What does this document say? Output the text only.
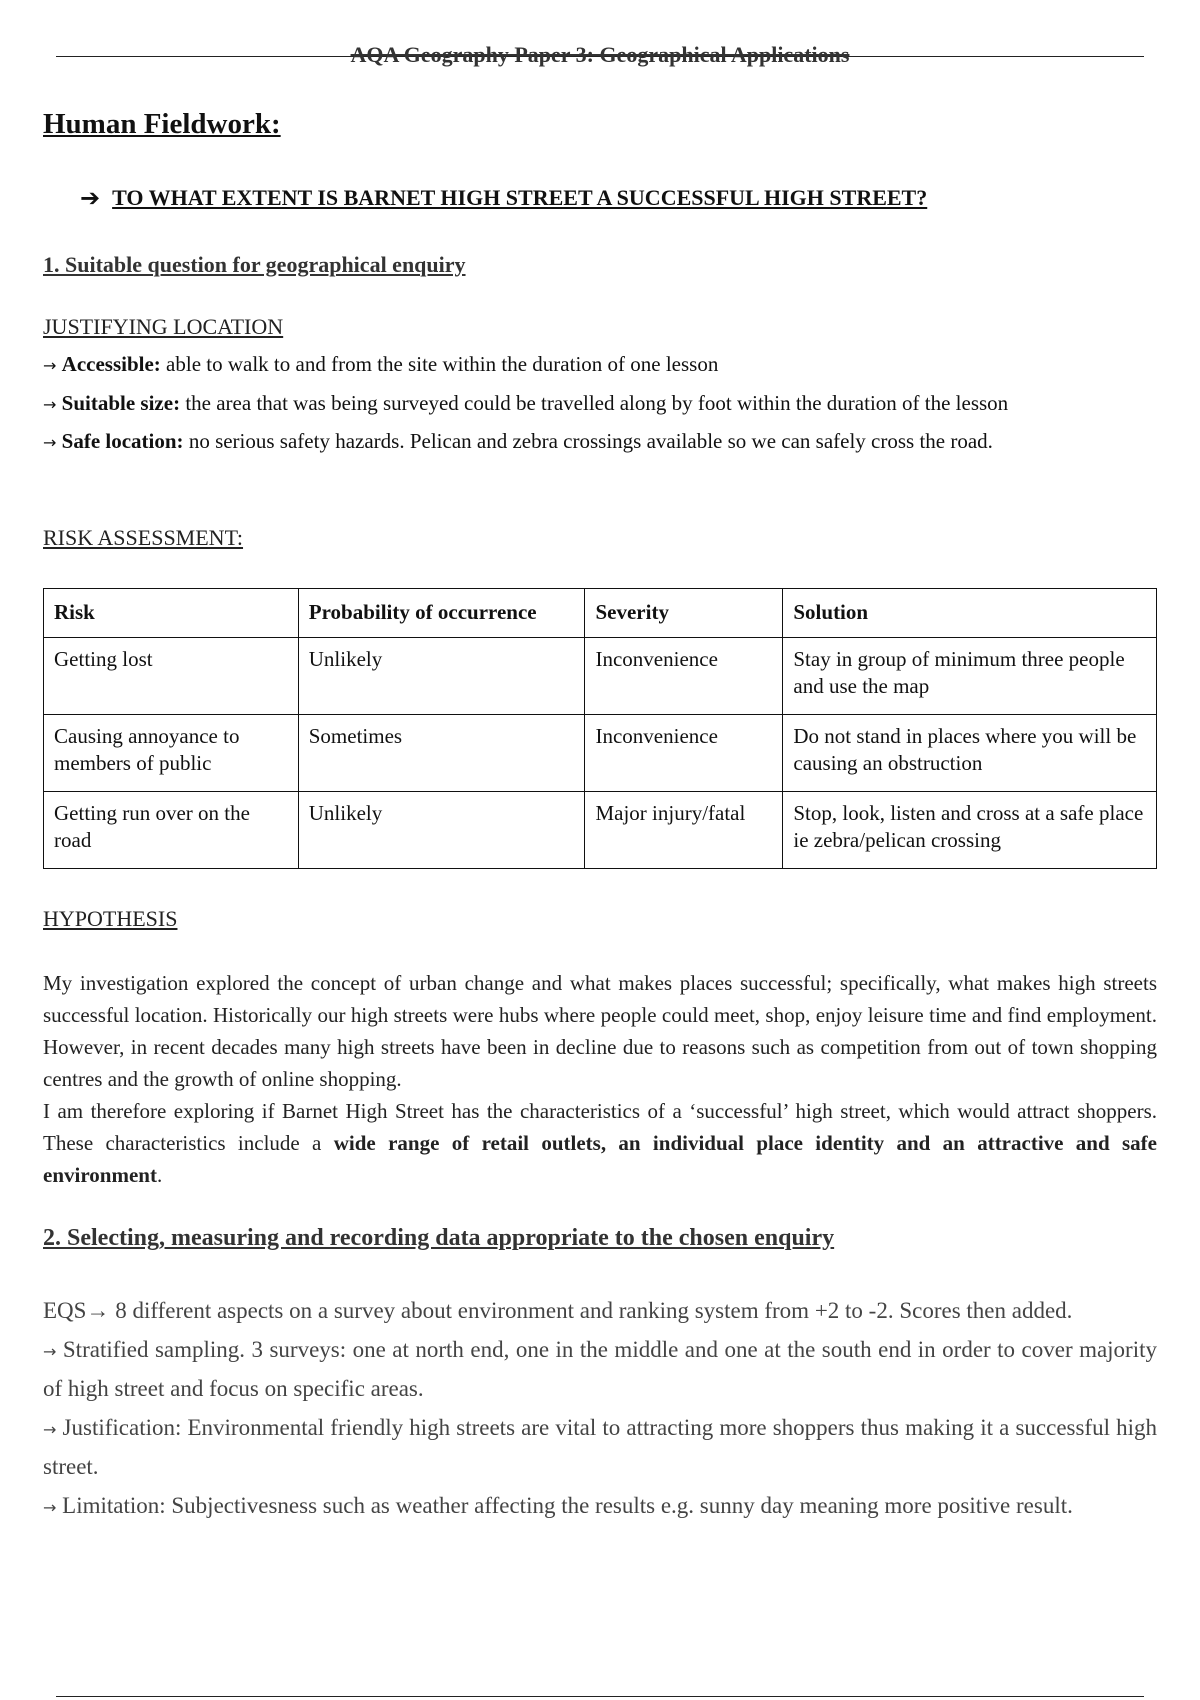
AQA Geography Paper 3: Geographical Applications
Human Fieldwork:
➔ TO WHAT EXTENT IS BARNET HIGH STREET A SUCCESSFUL HIGH STREET?
1. Suitable question for geographical enquiry
JUSTIFYING LOCATION

→ Accessible: able to walk to and from the site within the duration of one lesson

→ Suitable size: the area that was being surveyed could be travelled along by foot within the duration of the lesson

→ Safe location: no serious safety hazards. Pelican and zebra crossings available so we can safely cross the road.

RISK ASSESSMENT:
Risk	Probability of occurrence	Severity	Solution
Getting lost	Unlikely	Inconvenience	Stay in group of minimum three people and use the map
Causing annoyance to members of public	Sometimes	Inconvenience	Do not stand in places where you will be causing an obstruction
Getting run over on the road	Unlikely	Major injury/fatal	Stop, look, listen and cross at a safe place ie zebra/pelican crossing
HYPOTHESIS

My investigation explored the concept of urban change and what makes places successful; specifically, what makes high streets successful location. Historically our high streets were hubs where people could meet, shop, enjoy leisure time and find employment. However, in recent decades many high streets have been in decline due to reasons such as competition from out of town shopping centres and the growth of online shopping.

I am therefore exploring if Barnet High Street has the characteristics of a ‘successful’ high street, which would attract shoppers. These characteristics include a wide range of retail outlets, an individual place identity and an attractive and safe environment.

2. Selecting, measuring and recording data appropriate to the chosen enquiry

EQS→ 8 different aspects on a survey about environment and ranking system from +2 to -2. Scores then added.

→ Stratified sampling. 3 surveys: one at north end, one in the middle and one at the south end in order to cover majority of high street and focus on specific areas.

→ Justification: Environmental friendly high streets are vital to attracting more shoppers thus making it a successful high street.

→ Limitation: Subjectivesness such as weather affecting the results e.g. sunny day meaning more positive result.
